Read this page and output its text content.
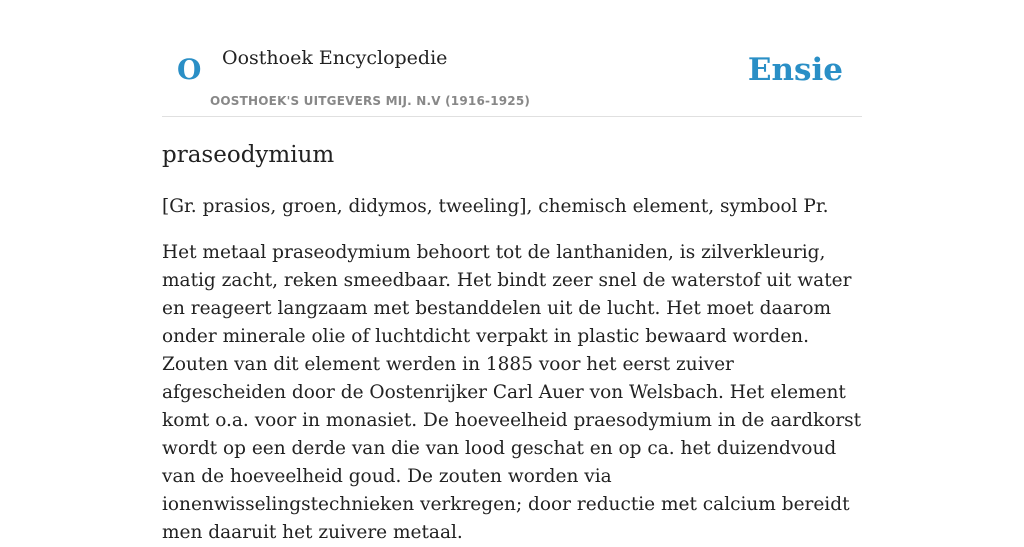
O Oosthoek Encyclopedie
OOSTHOEK'S UITGEVERS MIJ. N.V (1916-1925)
Ensie
praseodymium

[Gr. prasios, groen, didymos, tweeling], chemisch element, symbool Pr.

Het metaal praseodymium behoort tot de lanthaniden, is zilverkleurig, matig zacht, reken smeedbaar. Het bindt zeer snel de waterstof uit water en reageert langzaam met bestanddelen uit de lucht. Het moet daarom onder minerale olie of luchtdicht verpakt in plastic bewaard worden. Zouten van dit element werden in 1885 voor het eerst zuiver afgescheiden door de Oostenrijker Carl Auer von Welsbach. Het element komt o.a. voor in monasiet. De hoeveelheid praesodymium in de aardkorst wordt op een derde van die van lood geschat en op ca. het duizendvoud van de hoeveelheid goud. De zouten worden via ionenwisselingstechnieken verkregen; door reductie met calcium bereidt men daaruit het zuivere metaal.
